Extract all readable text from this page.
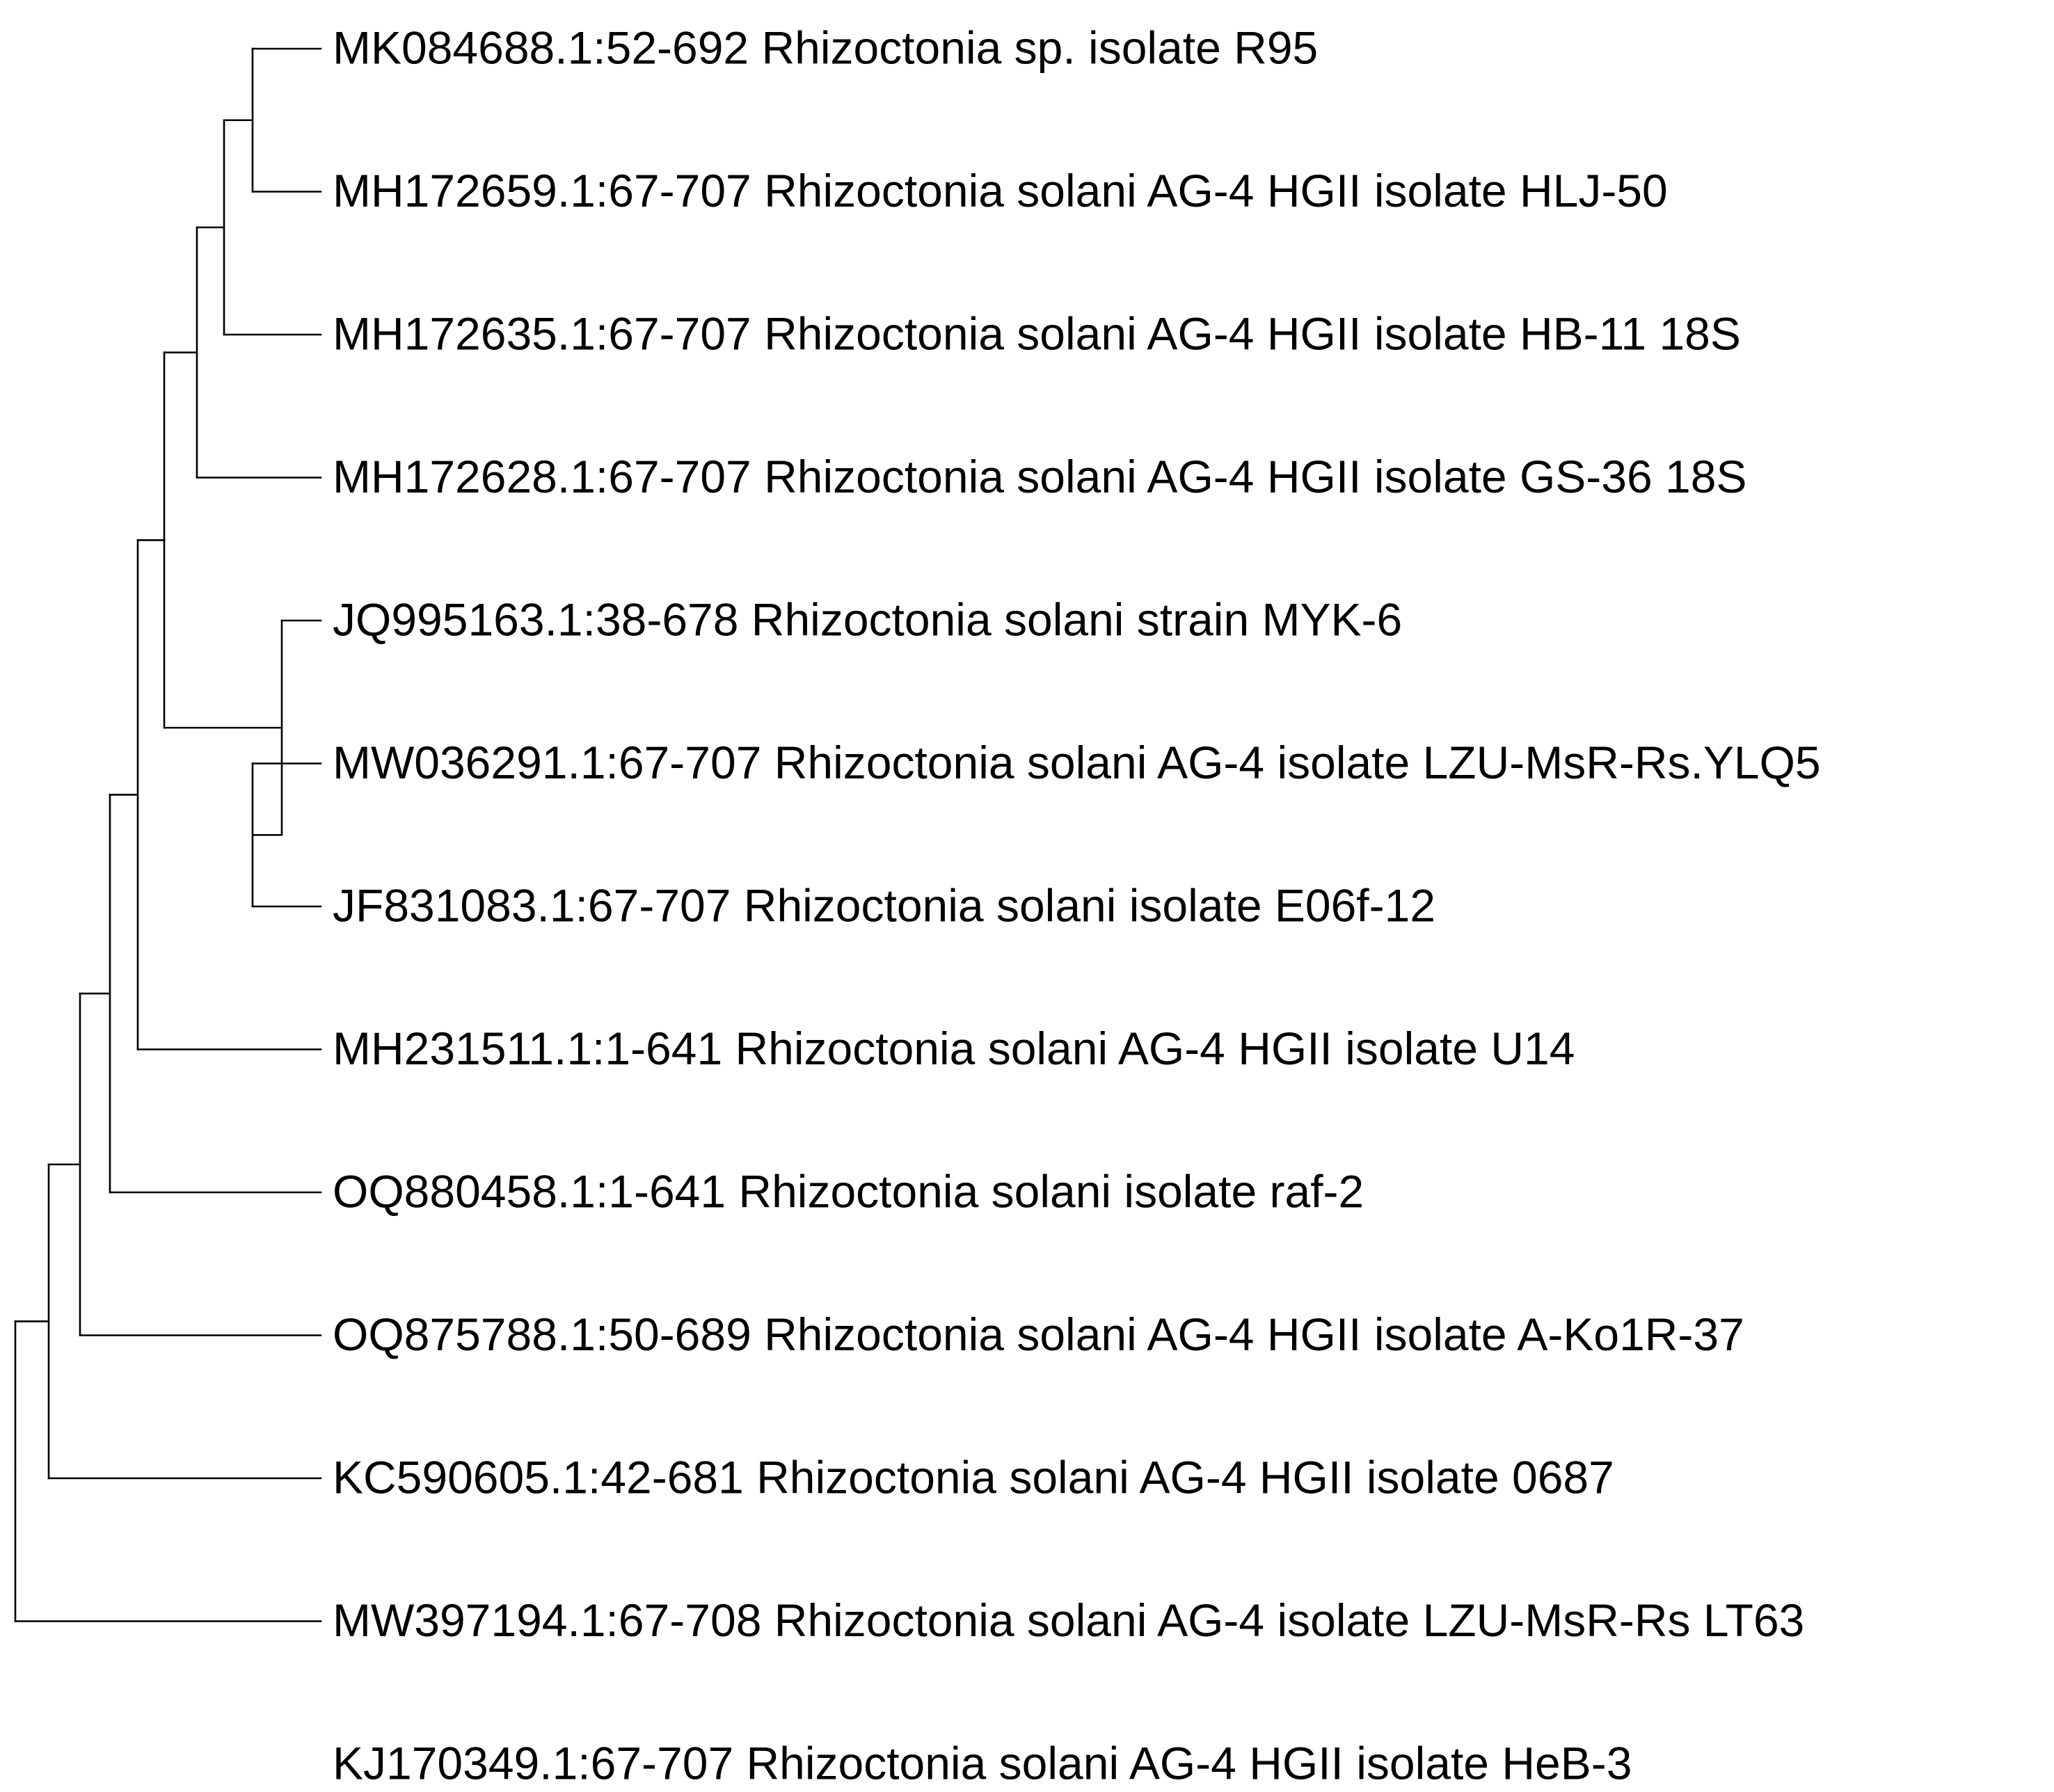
MK084688.1:52-692 Rhizoctonia sp. isolate R95
MH172659.1:67-707 Rhizoctonia solani AG-4 HGII isolate HLJ-50
MH172635.1:67-707 Rhizoctonia solani AG-4 HGII isolate HB-11 18S
MH172628.1:67-707 Rhizoctonia solani AG-4 HGII isolate GS-36 18S
JQ995163.1:38-678 Rhizoctonia solani strain MYK-6
MW036291.1:67-707 Rhizoctonia solani AG-4 isolate LZU-MsR-Rs.YLQ5
JF831083.1:67-707 Rhizoctonia solani isolate E06f-12
MH231511.1:1-641 Rhizoctonia solani AG-4 HGII isolate U14
OQ880458.1:1-641 Rhizoctonia solani isolate raf-2
OQ875788.1:50-689 Rhizoctonia solani AG-4 HGII isolate A-Ko1R-37
KC590605.1:42-681 Rhizoctonia solani AG-4 HGII isolate 0687
MW397194.1:67-708 Rhizoctonia solani AG-4 isolate LZU-MsR-Rs LT63
KJ170349.1:67-707 Rhizoctonia solani AG-4 HGII isolate HeB-3
